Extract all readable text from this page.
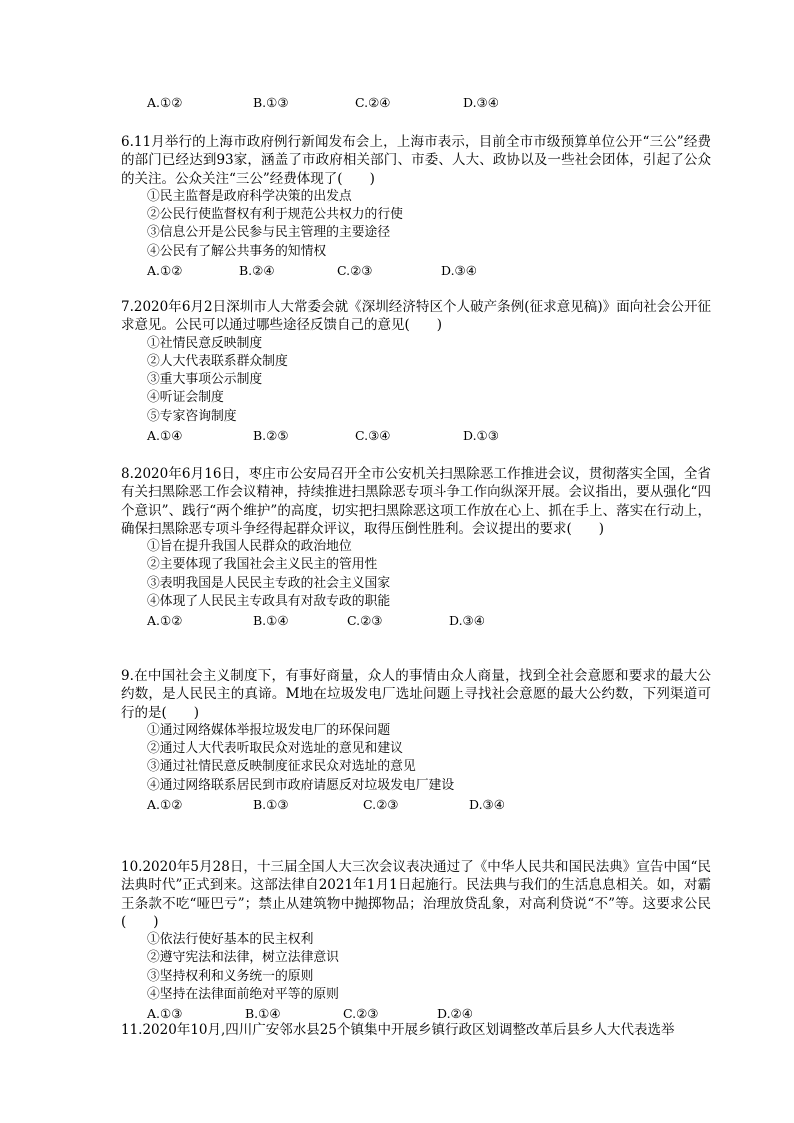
A.①②	B.①③	C.②④	D.③④
6.11月举行的上海市政府例行新闻发布会上，上海市表示，目前全市市级预算单位公开“三公”经费的部门已经达到93家，涵盖了市政府相关部门、市委、人大、政协以及一些社会团体，引起了公众的关注。公众关注“三公”经费体现了(　　)
①民主监督是政府科学决策的出发点
②公民行使监督权有利于规范公共权力的行使
③信息公开是公民参与民主管理的主要途径
④公民有了解公共事务的知情权
A.①②	B.②④	C.②③	D.③④
7.2020年6月2日深圳市人大常委会就《深圳经济特区个人破产条例(征求意见稿)》面向社会公开征求意见。公民可以通过哪些途径反馈自己的意见(　　)
①社情民意反映制度
②人大代表联系群众制度
③重大事项公示制度
④听证会制度
⑤专家咨询制度
A.①④	B.②⑤	C.③④	D.①③
8.2020年6月16日，枣庄市公安局召开全市公安机关扫黑除恶工作推进会议，贯彻落实全国，全省有关扫黑除恶工作会议精神，持续推进扫黑除恶专项斗争工作向纵深开展。会议指出，要从强化“四个意识”、践行“两个维护”的高度，切实把扫黑除恶这项工作放在心上、抓在手上、落实在行动上，确保扫黑除恶专项斗争经得起群众评议，取得压倒性胜利。会议提出的要求(　　)
①旨在提升我国人民群众的政治地位
②主要体现了我国社会主义民主的管用性
③表明我国是人民民主专政的社会主义国家
④体现了人民民主专政具有对敌专政的职能
A.①②	B.①④	C.②③	D.③④
9.在中国社会主义制度下，有事好商量，众人的事情由众人商量，找到全社会意愿和要求的最大公约数，是人民民主的真谛。M地在垃圾发电厂选址问题上寻找社会意愿的最大公约数，下列渠道可行的是(　　)
①通过网络媒体举报垃圾发电厂的环保问题
②通过人大代表听取民众对选址的意见和建议
③通过社情民意反映制度征求民众对选址的意见
④通过网络联系居民到市政府请愿反对垃圾发电厂建设
A.①②	B.①③	C.②③	D.③④
10.2020年5月28日，十三届全国人大三次会议表决通过了《中华人民共和国民法典》宣告中国“民法典时代”正式到来。这部法律自2021年1月1日起施行。民法典与我们的生活息息相关。如，对霸王条款不吃“哑巴亏”；禁止从建筑物中抛掷物品；治理放贷乱象，对高利贷说“不”等。这要求公民(　　)
①依法行使好基本的民主权利
②遵守宪法和法律，树立法律意识
③坚持权利和义务统一的原则
④坚持在法律面前绝对平等的原则
A.①③	B.①④	C.②③	D.②④
11.2020年10月,四川广安邻水县25个镇集中开展乡镇行政区划调整改革后县乡人大代表选举
